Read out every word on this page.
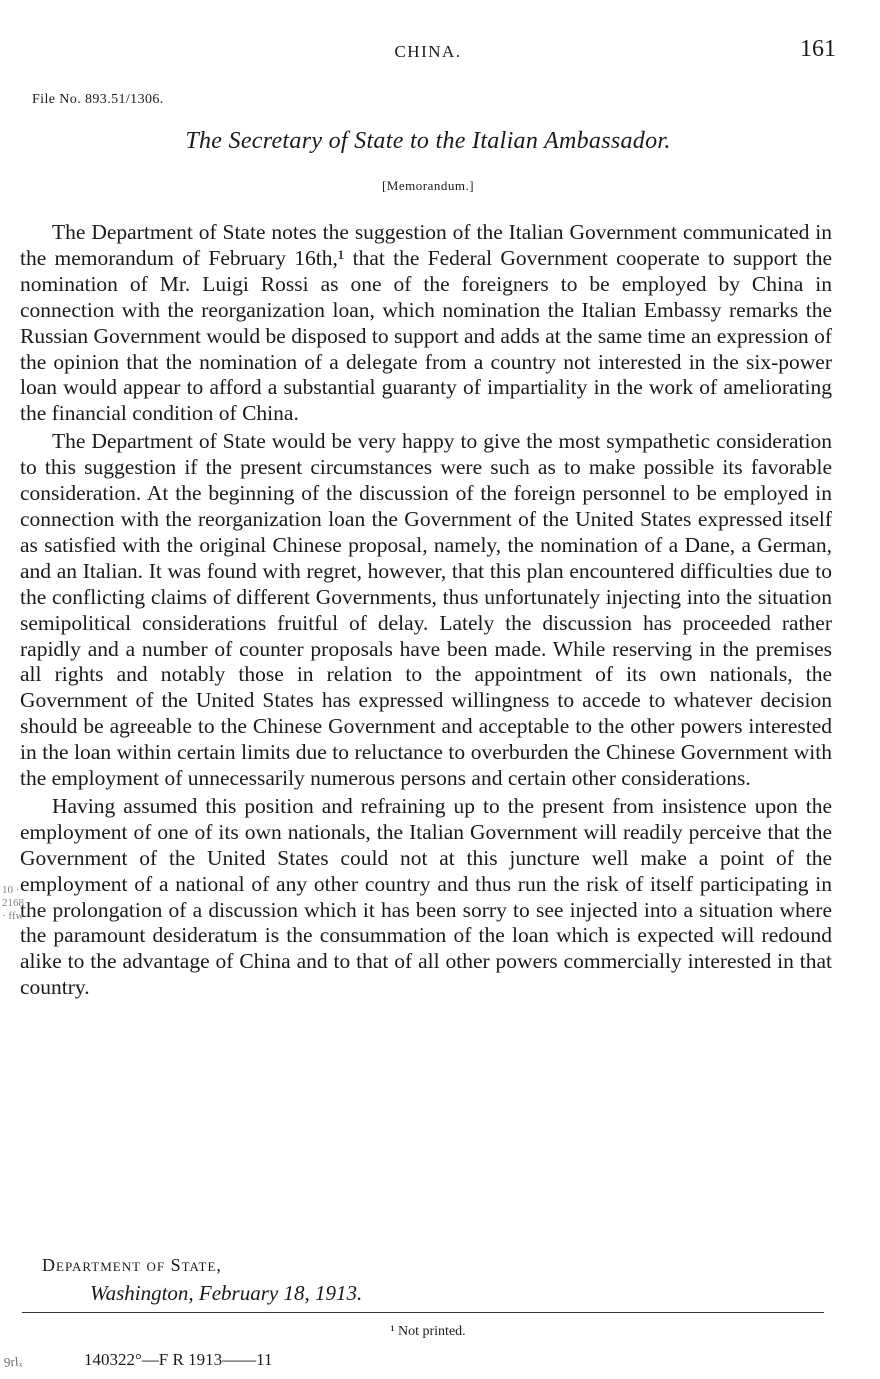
CHINA.	161
File No. 893.51/1306.
The Secretary of State to the Italian Ambassador.
[Memorandum.]

The Department of State notes the suggestion of the Italian Government communicated in the memorandum of February 16th,¹ that the Federal Government cooperate to support the nomination of Mr. Luigi Rossi as one of the foreigners to be employed by China in connection with the reorganization loan, which nomination the Italian Embassy remarks the Russian Government would be disposed to support and adds at the same time an expression of the opinion that the nomination of a delegate from a country not interested in the six-power loan would appear to afford a substantial guaranty of impartiality in the work of ameliorating the financial condition of China.

The Department of State would be very happy to give the most sympathetic consideration to this suggestion if the present circumstances were such as to make possible its favorable consideration. At the beginning of the discussion of the foreign personnel to be employed in connection with the reorganization loan the Government of the United States expressed itself as satisfied with the original Chinese proposal, namely, the nomination of a Dane, a German, and an Italian. It was found with regret, however, that this plan encountered difficulties due to the conflicting claims of different Governments, thus unfortunately injecting into the situation semipolitical considerations fruitful of delay. Lately the discussion has proceeded rather rapidly and a number of counter proposals have been made. While reserving in the premises all rights and notably those in relation to the appointment of its own nationals, the Government of the United States has expressed willingness to accede to whatever decision should be agreeable to the Chinese Government and acceptable to the other powers interested in the loan within certain limits due to reluctance to overburden the Chinese Government with the employment of unnecessarily numerous persons and certain other considerations.

Having assumed this position and refraining up to the present from insistence upon the employment of one of its own nationals, the Italian Government will readily perceive that the Government of the United States could not at this juncture well make a point of the employment of a national of any other country and thus run the risk of itself participating in the prolongation of a discussion which it has been sorry to see injected into a situation where the paramount desideratum is the consummation of the loan which is expected will redound alike to the advantage of China and to that of all other powers commercially interested in that country.

10 · 2168 · ffw
Department of State,
Washington, February 18, 1913.
¹ Not printed.
140322°—F R 1913——11
9rlₓ
